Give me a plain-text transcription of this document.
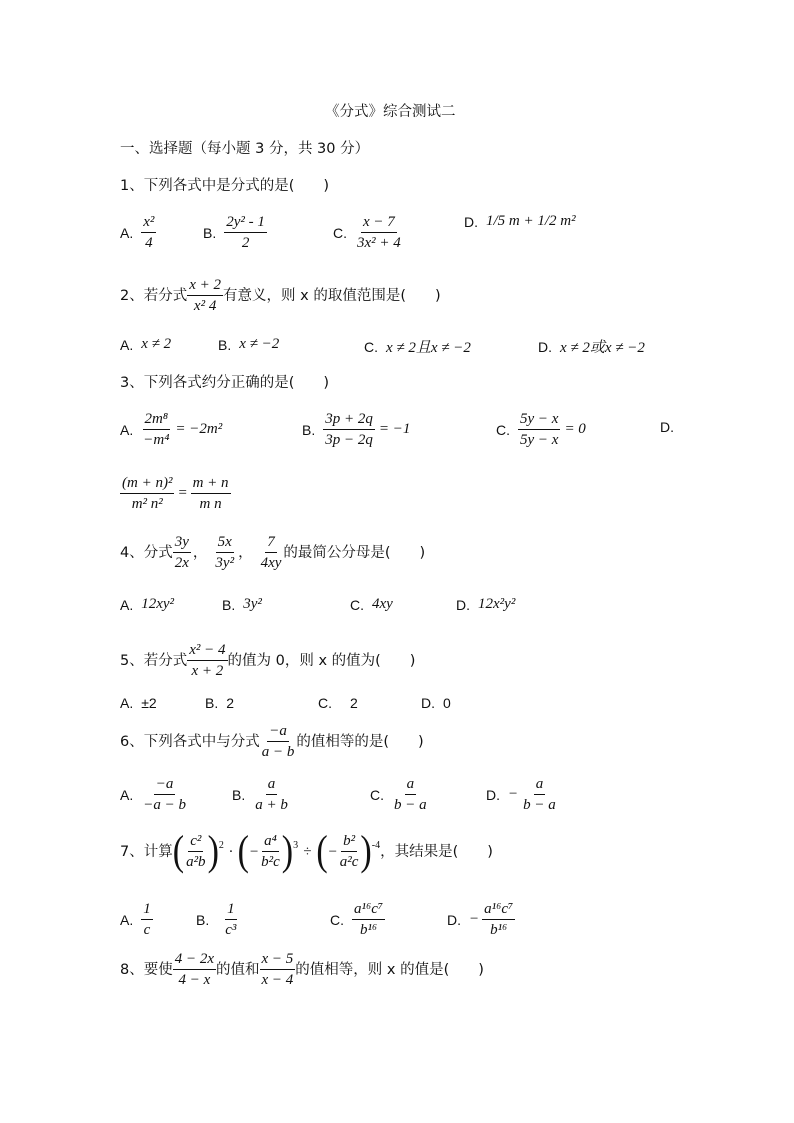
《分式》综合测试二
一、选择题（每小题 3 分，共 30 分）
1、下列各式中是分式的是(　　)
A. $\frac{\text{x²}}{4}$	B. $\frac{\text{2y² - 1}}{2}$	C. $\frac{x - 7}{\text{3x² + 4}}$	D. 1/5 m + 1/2 m²
2、若分式 $\frac{x + 2}{\text{x² 4}}$ 有意义，则 x 的取值范围是(　　)
A. x ≠ 2	B. x ≠ −2	C. x ≠ 2且x ≠ −2	D. x ≠ 2或x ≠ −2
3、下列各式约分正确的是(　　)
A. $\frac{\text{2m⁸}}{\text{−m⁴}} = -2m^2$	B. $\frac{3p + 2q}{3p - 2q} = -1$	C. $\frac{5y - x}{5y - x} = 0$	D.
$\frac{\text{(m + n)²}}{\text{m² n²}} = \frac{m + n}{\text{m n}}$
4、分式 $\frac{3y}{2x}$ ， $\frac{5x}{\text{3y²}}$ ， $\frac{7}{4xy}$ 的最简公分母是(　　)
A. 12xy²	B. 3y²	C. 4xy	D. 12x²y²
5、若分式 $\frac{\text{x² − 4}}{x + 2}$ 的值为 0，则 x 的值为(　　)
A. ±2	B. 2	C. 2	D. 0
6、下列各式中与分式 $\frac{-a}{a - b}$ 的值相等的是(　　)
A. $\frac{-a}{-a - b}$	B. $\frac{a}{a + b}$	C. $\frac{a}{b - a}$	D. − $\frac{a}{b - a}$
7、计算 ( $\frac{\text{c²}}{\text{a²b}}$ ) 2 · ( − $\frac{\text{a⁴}}{\text{b²c}}$ ) 3 ÷ ( − $\frac{\text{b²}}{\text{a²c}}$ ) -4 ，其结果是(　　)
A. $\frac{1}{c}$	B. $\frac{1}{\text{c³}}$	C. $\frac{\text{a¹⁶c⁷}}{\text{b¹⁶}}$	D. − $\frac{\text{a¹⁶c⁷}}{\text{b¹⁶}}$
8、要使 $\frac{4 - 2x}{4 - x}$ 的值和 $\frac{x - 5}{x - 4}$ 的值相等，则 x 的值是(　　)
